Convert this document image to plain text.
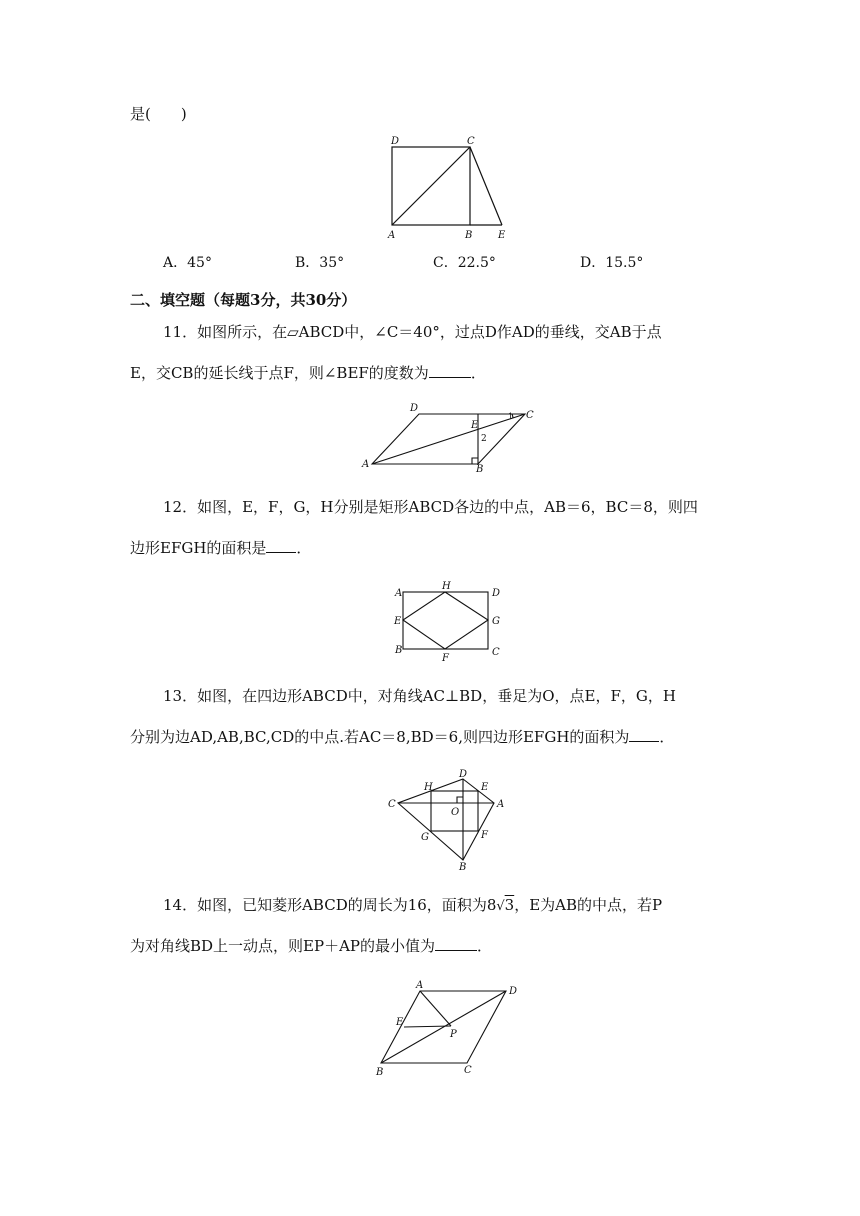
是(　　)
D	C
A	B	E
A．45°	B．35°	C．22.5°	D．15.5°
二、填空题（每题3分，共30分）
11．如图所示，在▱ABCD中，∠C＝40°，过点D作AD的垂线，交AB于点
E，交CB的延长线于点F，则∠BEF的度数为	．
D
C
A	B
E
1
2
12．如图，E，F，G，H分别是矩形ABCD各边的中点，AB＝6，BC＝8，则四
边形EFGH的面积是 ．
A
H
D
E	G
B
F
C
13．如图，在四边形ABCD中，对角线AC⊥BD，垂足为O，点E，F，G，H
分别为边AD,AB,BC,CD的中点.若AC＝8,BD＝6,则四边形EFGH的面积为 ．
H
D
E
C
O
A
G	F
B
14．如图，已知菱形ABCD的周长为16，面积为8√3，E为AB的中点，若P
为对角线BD上一动点，则EP＋AP的最小值为	．
A
D
E
P
B	C
